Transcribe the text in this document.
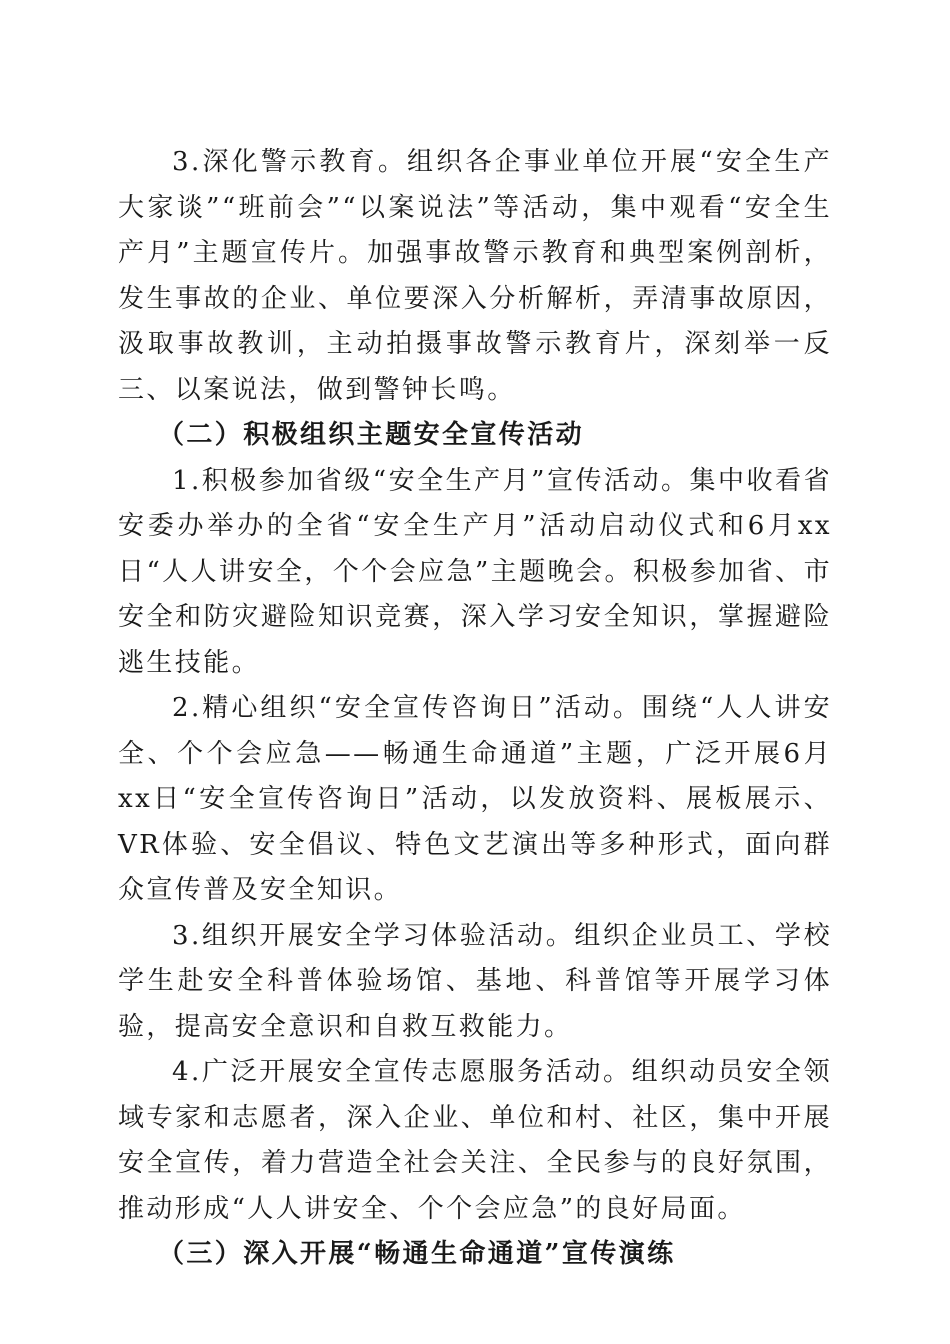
3.深化警示教育。组织各企事业单位开展“安全生产大家谈”“班前会”“以案说法”等活动，集中观看“安全生产月”主题宣传片。加强事故警示教育和典型案例剖析，发生事故的企业、单位要深入分析解析，弄清事故原因，汲取事故教训，主动拍摄事故警示教育片，深刻举一反三、以案说法，做到警钟长鸣。

（二）积极组织主题安全宣传活动

1.积极参加省级“安全生产月”宣传活动。集中收看省安委办举办的全省“安全生产月”活动启动仪式和6月xx日“人人讲安全，个个会应急”主题晚会。积极参加省、市安全和防灾避险知识竞赛，深入学习安全知识，掌握避险逃生技能。

2.精心组织“安全宣传咨询日”活动。围绕“人人讲安全、个个会应急——畅通生命通道”主题，广泛开展6月xx日“安全宣传咨询日”活动，以发放资料、展板展示、VR体验、安全倡议、特色文艺演出等多种形式，面向群众宣传普及安全知识。

3.组织开展安全学习体验活动。组织企业员工、学校学生赴安全科普体验场馆、基地、科普馆等开展学习体验，提高安全意识和自救互救能力。

4.广泛开展安全宣传志愿服务活动。组织动员安全领域专家和志愿者，深入企业、单位和村、社区，集中开展安全宣传，着力营造全社会关注、全民参与的良好氛围，推动形成“人人讲安全、个个会应急”的良好局面。

（三）深入开展“畅通生命通道”宣传演练
